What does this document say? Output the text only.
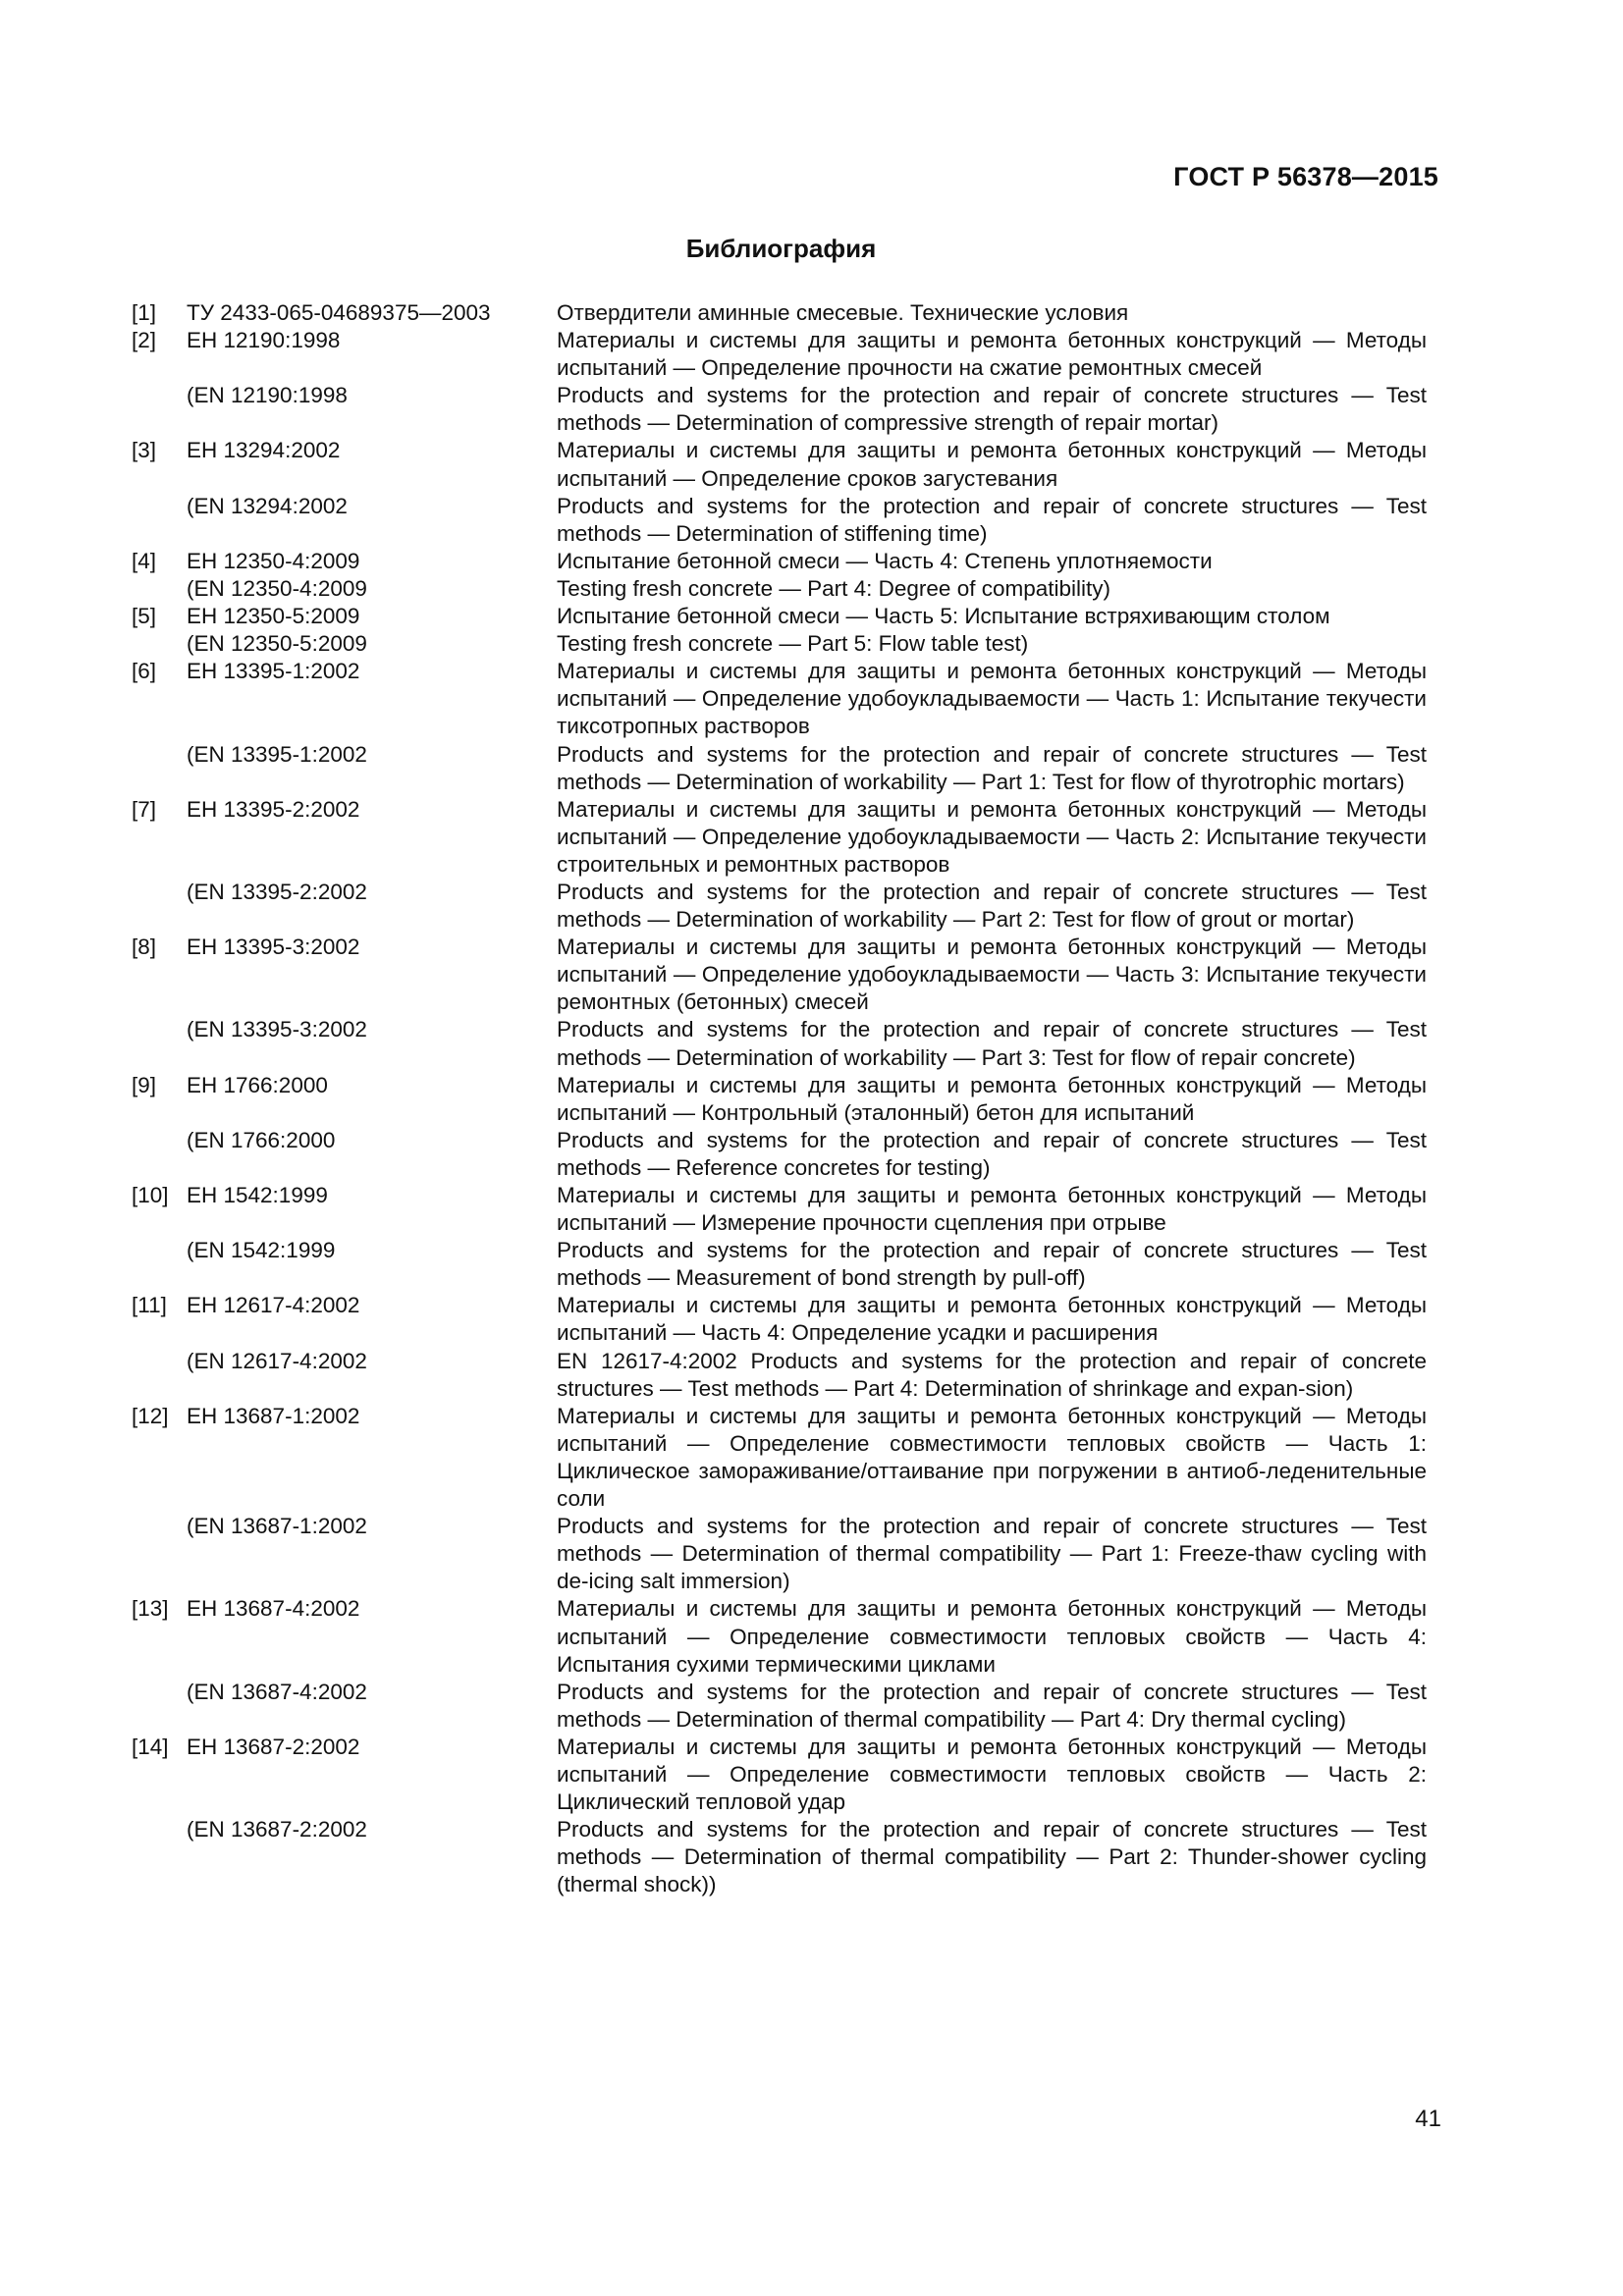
ГОСТ Р 56378—2015
Библиография
[1]	ТУ 2433-065-04689375—2003	Отвердители аминные смесевые. Технические условия
[2]	ЕН 12190:1998	Материалы и системы для защиты и ремонта бетонных конструкций — Методы испытаний — Определение прочности на сжатие ремонтных смесей
(EN 12190:1998	Products and systems for the protection and repair of concrete structures — Test methods — Determination of compressive strength of repair mortar)
[3]	ЕН 13294:2002	Материалы и системы для защиты и ремонта бетонных конструкций — Методы испытаний — Определение сроков загустевания
(EN 13294:2002	Products and systems for the protection and repair of concrete structures — Test methods — Determination of stiffening time)
[4]	ЕН 12350-4:2009	Испытание бетонной смеси — Часть 4: Степень уплотняемости
(EN 12350-4:2009	Testing fresh concrete — Part 4: Degree of compatibility)
[5]	ЕН 12350-5:2009	Испытание бетонной смеси — Часть 5: Испытание встряхивающим столом
(EN 12350-5:2009	Testing fresh concrete — Part 5: Flow table test)
[6]	ЕН 13395-1:2002	Материалы и системы для защиты и ремонта бетонных конструкций — Методы испытаний — Определение удобоукладываемости — Часть 1: Испытание текучести тиксотропных растворов
(EN 13395-1:2002	Products and systems for the protection and repair of concrete structures — Test methods — Determination of workability — Part 1: Test for flow of thyrotrophic mortars)
[7]	ЕН 13395-2:2002	Материалы и системы для защиты и ремонта бетонных конструкций — Методы испытаний — Определение удобоукладываемости — Часть 2: Испытание текучести строительных и ремонтных растворов
(EN 13395-2:2002	Products and systems for the protection and repair of concrete structures — Test methods — Determination of workability — Part 2: Test for flow of grout or mortar)
[8]	ЕН 13395-3:2002	Материалы и системы для защиты и ремонта бетонных конструкций — Методы испытаний — Определение удобоукладываемости — Часть 3: Испытание текучести ремонтных (бетонных) смесей
(EN 13395-3:2002	Products and systems for the protection and repair of concrete structures — Test methods — Determination of workability — Part 3: Test for flow of repair concrete)
[9]	ЕН 1766:2000	Материалы и системы для защиты и ремонта бетонных конструкций — Методы испытаний — Контрольный (эталонный) бетон для испытаний
(EN 1766:2000	Products and systems for the protection and repair of concrete structures — Test methods — Reference concretes for testing)
[10] ЕН 1542:1999	Материалы и системы для защиты и ремонта бетонных конструкций — Методы испытаний — Измерение прочности сцепления при отрыве
(EN 1542:1999	Products and systems for the protection and repair of concrete structures — Test methods — Measurement of bond strength by pull-off)
[11] ЕН 12617-4:2002	Материалы и системы для защиты и ремонта бетонных конструкций — Методы испытаний — Часть 4: Определение усадки и расширения
(EN 12617-4:2002	EN 12617-4:2002 Products and systems for the protection and repair of concrete structures — Test methods — Part 4: Determination of shrinkage and expan-sion)
[12] ЕН 13687-1:2002	Материалы и системы для защиты и ремонта бетонных конструкций — Методы испытаний — Определение совместимости тепловых свойств — Часть 1: Циклическое замораживание/оттаивание при погружении в антиоб-леденительные соли
(EN 13687-1:2002	Products and systems for the protection and repair of concrete structures — Test methods — Determination of thermal compatibility — Part 1: Freeze-thaw cycling with de-icing salt immersion)
[13] ЕН 13687-4:2002	Материалы и системы для защиты и ремонта бетонных конструкций — Методы испытаний — Определение совместимости тепловых свойств — Часть 4: Испытания сухими термическими циклами
(EN 13687-4:2002	Products and systems for the protection and repair of concrete structures — Test methods — Determination of thermal compatibility — Part 4: Dry thermal cycling)
[14] ЕН 13687-2:2002	Материалы и системы для защиты и ремонта бетонных конструкций — Методы испытаний — Определение совместимости тепловых свойств — Часть 2: Циклический тепловой удар
(EN 13687-2:2002	Products and systems for the protection and repair of concrete structures — Test methods — Determination of thermal compatibility — Part 2: Thunder-shower cycling (thermal shock))
41
